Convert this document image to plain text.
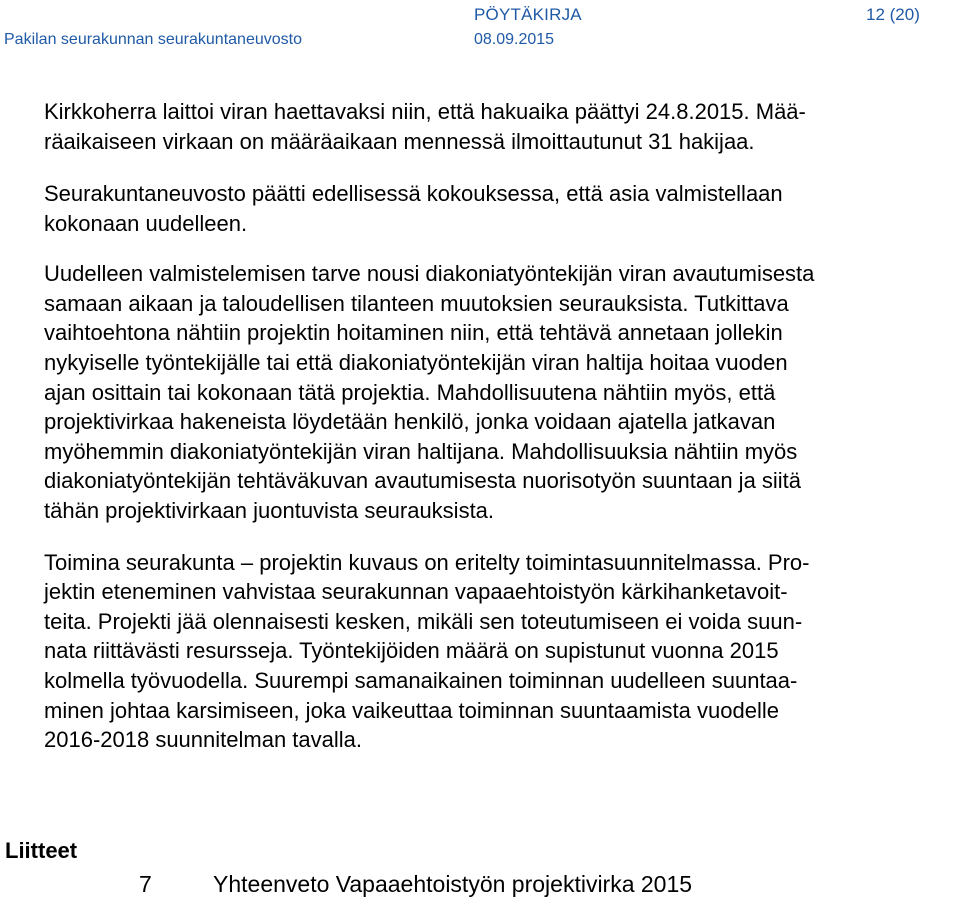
Pakilan seurakunnan seurakuntaneuvosto
PÖYTÄKIRJA
08.09.2015
12 (20)

Kirkkoherra laittoi viran haettavaksi niin, että hakuaika päättyi 24.8.2015. Mää-
räaikaiseen virkaan on määräaikaan mennessä ilmoittautunut 31 hakijaa.

Seurakuntaneuvosto päätti edellisessä kokouksessa, että asia valmistellaan
kokonaan uudelleen.

Uudelleen valmistelemisen tarve nousi diakoniatyöntekijän viran avautumisesta
samaan aikaan ja taloudellisen tilanteen muutoksien seurauksista. Tutkittava
vaihtoehtona nähtiin projektin hoitaminen niin, että tehtävä annetaan jollekin
nykyiselle työntekijälle tai että diakoniatyöntekijän viran haltija hoitaa vuoden
ajan osittain tai kokonaan tätä projektia. Mahdollisuutena nähtiin myös, että
projektivirkaa hakeneista löydetään henkilö, jonka voidaan ajatella jatkavan
myöhemmin diakoniatyöntekijän viran haltijana. Mahdollisuuksia nähtiin myös
diakoniatyöntekijän tehtäväkuvan avautumisesta nuorisotyön suuntaan ja siitä
tähän projektivirkaan juontuvista seurauksista.

Toimina seurakunta – projektin kuvaus on eritelty toimintasuunnitelmassa. Pro-
jektin eteneminen vahvistaa seurakunnan vapaaehtoistyön kärkihanketavoit-
teita. Projekti jää olennaisesti kesken, mikäli sen toteutumiseen ei voida suun-
nata riittävästi resursseja. Työntekijöiden määrä on supistunut vuonna 2015
kolmella työvuodella. Suurempi samanaikainen toiminnan uudelleen suuntaa-
minen johtaa karsimiseen, joka vaikeuttaa toiminnan suuntaamista vuodelle
2016-2018 suunnitelman tavalla.

Liitteet
7	Yhteenveto Vapaaehtoistyön projektivirka 2015
